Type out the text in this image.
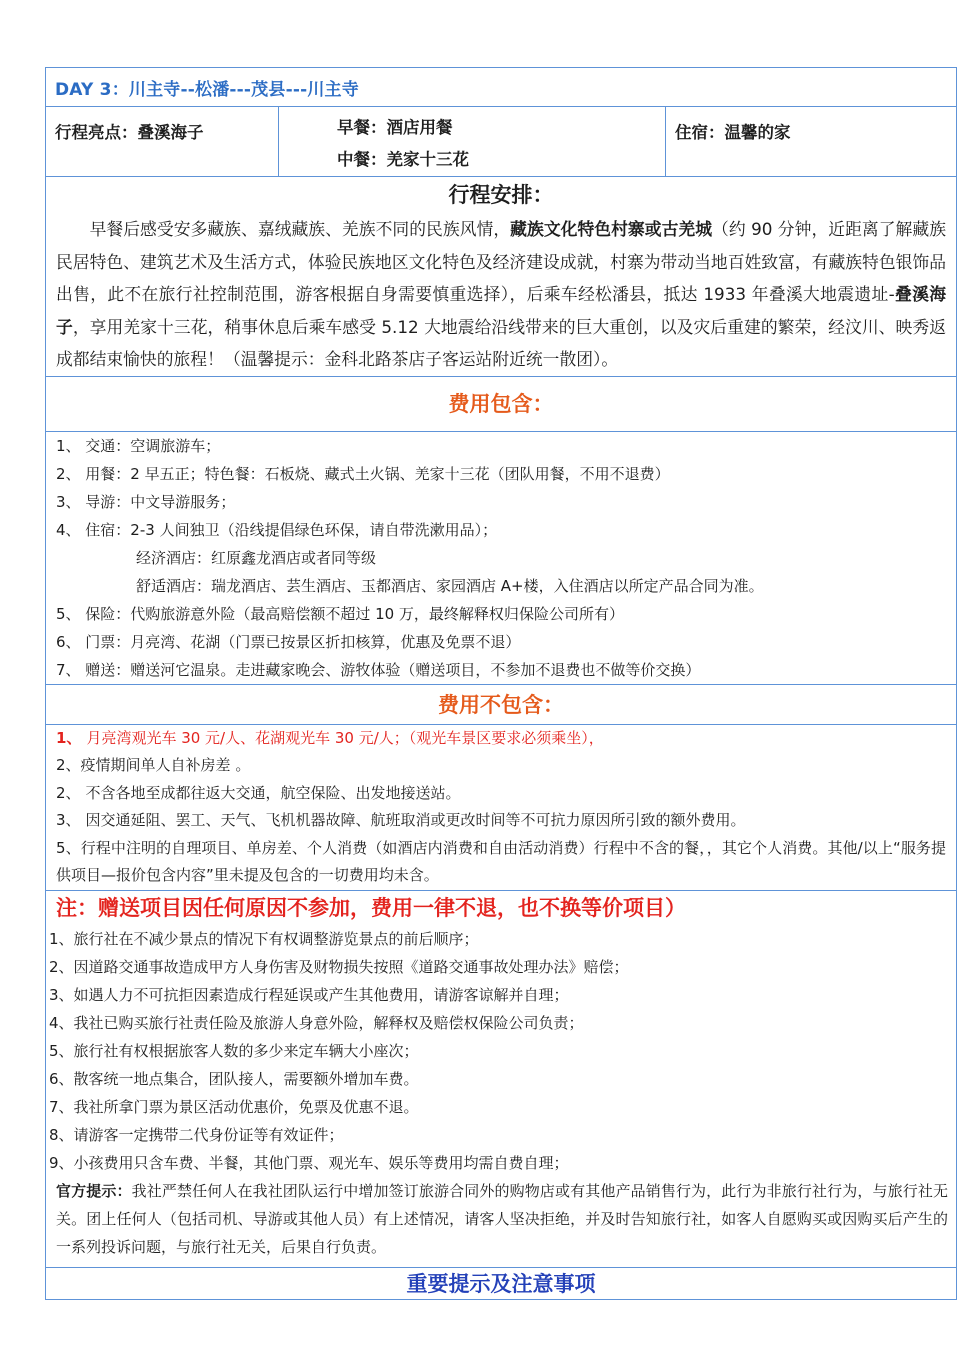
DAY 3：川主寺--松潘---茂县---川主寺
行程亮点：叠溪海子	早餐：酒店用餐
中餐：羌家十三花
住宿：温馨的家
行程安排：

早餐后感受安多藏族、嘉绒藏族、羌族不同的民族风情，藏族文化特色村寨或古羌城（约 90 分钟，近距离了解藏族民居特色、建筑艺术及生活方式，体验民族地区文化特色及经济建设成就，村寨为带动当地百姓致富，有藏族特色银饰品出售，此不在旅行社控制范围，游客根据自身需要慎重选择），后乘车经松潘县，抵达 1933 年叠溪大地震遗址-叠溪海子，享用羌家十三花，稍事休息后乘车感受 5.12 大地震给沿线带来的巨大重创，以及灾后重建的繁荣，经汶川、映秀返成都结束愉快的旅程！（温馨提示：金科北路茶店子客运站附近统一散团）。

费用包含：
1、 交通：空调旅游车；
2、 用餐：2 早五正；特色餐：石板烧、藏式土火锅、羌家十三花（团队用餐，不用不退费）
3、 导游：中文导游服务；
4、 住宿：2-3 人间独卫（沿线提倡绿色环保，请自带洗漱用品）；
经济酒店：红原鑫龙酒店或者同等级
舒适酒店：瑞龙酒店、芸生酒店、玉都酒店、家园酒店 A+楼，入住酒店以所定产品合同为准。
5、 保险：代购旅游意外险（最高赔偿额不超过 10 万，最终解释权归保险公司所有）
6、 门票：月亮湾、花湖（门票已按景区折扣核算，优惠及免票不退）
7、 赠送：赠送河它温泉。走进藏家晚会、游牧体验（赠送项目，不参加不退费也不做等价交换）
费用不包含：
1、 月亮湾观光车 30 元/人、花湖观光车 30 元/人；（观光车景区要求必须乘坐），
2、疫情期间单人自补房差 。
2、 不含各地至成都往返大交通，航空保险、出发地接送站。
3、 因交通延阻、罢工、天气、飞机机器故障、航班取消或更改时间等不可抗力原因所引致的额外费用。
5、行程中注明的自理项目、单房差、个人消费（如酒店内消费和自由活动消费）行程中不含的餐，，其它个人消费。其他/以上“服务提供项目—报价包含内容”里未提及包含的一切费用均未含。
注：赠送项目因任何原因不参加，费用一律不退，也不换等价项目）
1、旅行社在不减少景点的情况下有权调整游览景点的前后顺序；
2、因道路交通事故造成甲方人身伤害及财物损失按照《道路交通事故处理办法》赔偿；
3、如遇人力不可抗拒因素造成行程延误或产生其他费用，请游客谅解并自理；
4、我社已购买旅行社责任险及旅游人身意外险，解释权及赔偿权保险公司负责；
5、旅行社有权根据旅客人数的多少来定车辆大小座次；
6、散客统一地点集合，团队接人，需要额外增加车费。
7、我社所拿门票为景区活动优惠价，免票及优惠不退。
8、请游客一定携带二代身份证等有效证件；
9、小孩费用只含车费、半餐，其他门票、观光车、娱乐等费用均需自费自理；

官方提示：我社严禁任何人在我社团队运行中增加签订旅游合同外的购物店或有其他产品销售行为，此行为非旅行社行为，与旅行社无关。团上任何人（包括司机、导游或其他人员）有上述情况，请客人坚决拒绝，并及时告知旅行社，如客人自愿购买或因购买后产生的一系列投诉问题，与旅行社无关，后果自行负责。

重要提示及注意事项
